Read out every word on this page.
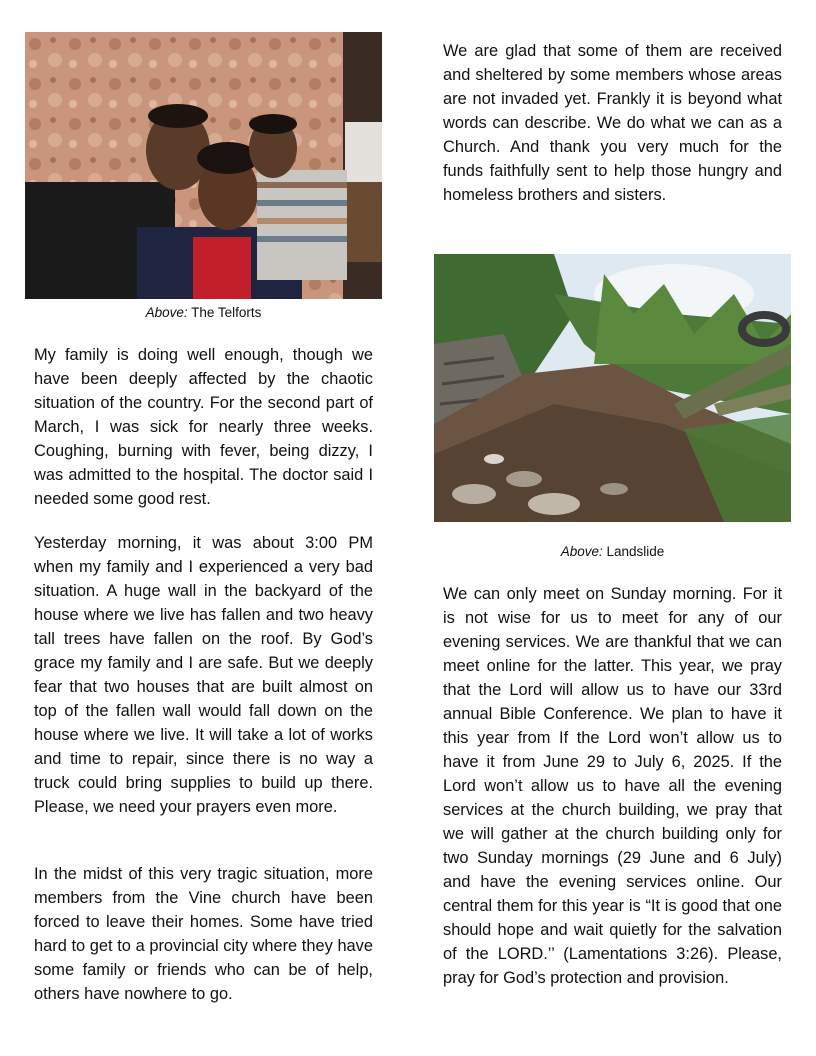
Above: The Telforts

My family is doing well enough, though we have been deeply affected by the chaotic situation of the country. For the second part of March, I was sick for nearly three weeks. Coughing, burning with fever, being dizzy, I was admitted to the hospital. The doctor said I needed some good rest.

Yesterday morning, it was about 3:00 PM when my family and I experienced a very bad situation. A huge wall in the backyard of the house where we live has fallen and two heavy tall trees have fallen on the roof. By God’s grace my family and I are safe. But we deeply fear that two houses that are built almost on top of the fallen wall would fall down on the house where we live. It will take a lot of works and time to repair, since there is no way a truck could bring supplies to build up there. Please, we need your prayers even more.

In the midst of this very tragic situation, more members from the Vine church have been forced to leave their homes. Some have tried hard to get to a provincial city where they have some family or friends who can be of help, others have nowhere to go.

We are glad that some of them are received and sheltered by some members whose areas are not invaded yet. Frankly it is beyond what words can describe. We do what we can as a Church. And thank you very much for the funds faithfully sent to help those hungry and homeless brothers and sisters.

Above: Landslide

We can only meet on Sunday morning. For it is not wise for us to meet for any of our evening services. We are thankful that we can meet online for the latter. This year, we pray that the Lord will allow us to have our 33rd annual Bible Conference. We plan to have it this year from If the Lord won’t allow us to have it from June 29 to July 6, 2025. If the Lord won’t allow us to have all the evening services at the church building, we pray that we will gather at the church building only for two Sunday mornings (29 June and 6 July) and have the evening services online. Our central them for this year is “It is good that one should hope and wait quietly for the salvation of the LORD.’’ (Lamentations 3:26). Please, pray for God’s protection and provision.
